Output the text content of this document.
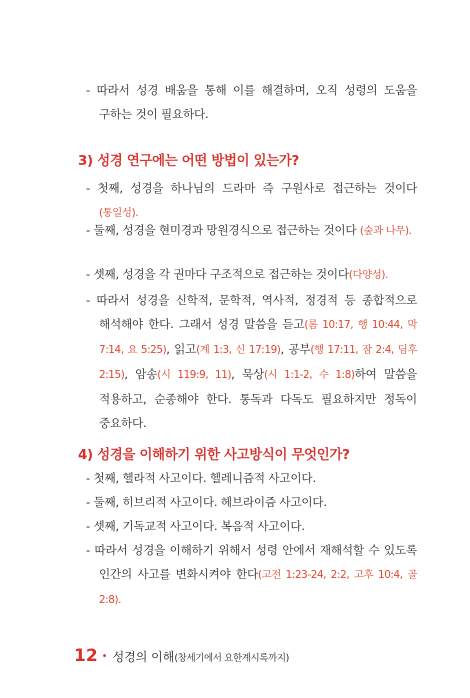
- 따라서 성경 배움을 통해 이를 해결하며, 오직 성령의 도움을 구하는 것이 필요하다.
3) 성경 연구에는 어떤 방법이 있는가?
- 첫째, 성경을 하나님의 드라마 즉 구원사로 접근하는 것이다 (통일성).
- 둘째, 성경을 현미경과 망원경식으로 접근하는 것이다 (숲과 나무).
- 셋째, 성경을 각 권마다 구조적으로 접근하는 것이다(다양성).
- 따라서 성경을 신학적, 문학적, 역사적, 정경적 등 종합적으로 해석해야 한다. 그래서 성경 말씀을 듣고(롬 10:17, 행 10:44, 막 7:14, 요 5:25), 읽고(계 1:3, 신 17:19), 공부(행 17:11, 잠 2:4, 딤후 2:15), 암송(시 119:9, 11), 묵상(시 1:1-2, 수 1:8)하여 말씀을 적용하고, 순종해야 한다. 통독과 다독도 필요하지만 정독이 중요하다.
4) 성경을 이해하기 위한 사고방식이 무엇인가?
- 첫째, 헬라적 사고이다. 헬레니즘적 사고이다.
- 둘째, 히브리적 사고이다. 헤브라이즘 사고이다.
- 셋째, 기독교적 사고이다. 복음적 사고이다.
- 따라서 성경을 이해하기 위해서 성령 안에서 재해석할 수 있도록 인간의 사고를 변화시켜야 한다(고전 1:23-24, 2:2, 고후 10:4, 골 2:8).
12 • 성경의 이해(창세기에서 요한계시록까지)
